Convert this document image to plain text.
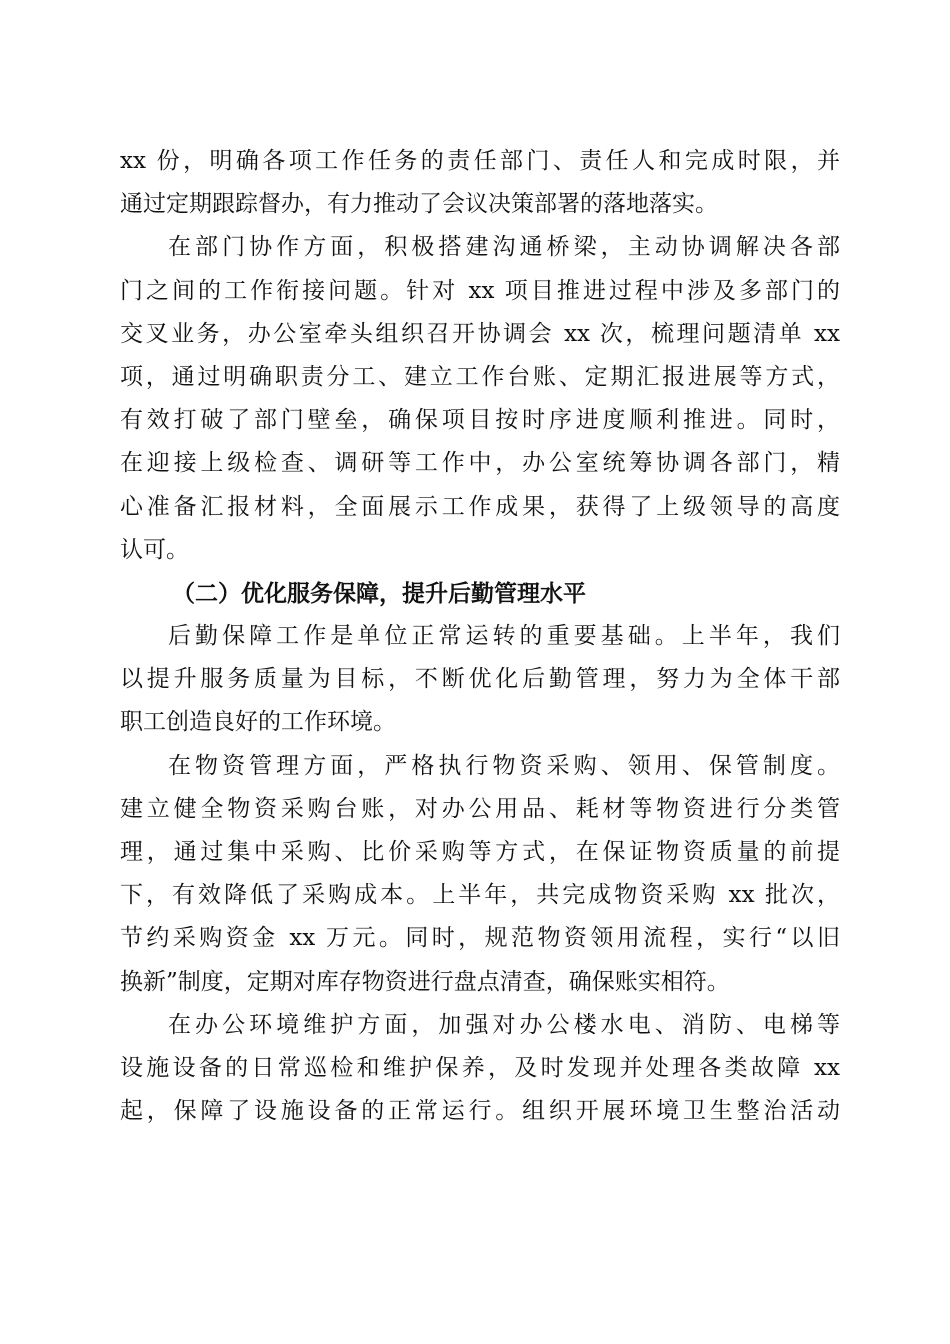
xx 份，明确各项工作任务的责任部门、责任人和完成时限，并
通过定期跟踪督办，有力推动了会议决策部署的落地落实。
在部门协作方面，积极搭建沟通桥梁，主动协调解决各部
门之间的工作衔接问题。针对 xx 项目推进过程中涉及多部门的
交叉业务，办公室牵头组织召开协调会 xx 次，梳理问题清单 xx
项，通过明确职责分工、建立工作台账、定期汇报进展等方式，
有效打破了部门壁垒，确保项目按时序进度顺利推进。同时，
在迎接上级检查、调研等工作中，办公室统筹协调各部门，精
心准备汇报材料，全面展示工作成果，获得了上级领导的高度
认可。
（二）优化服务保障，提升后勤管理水平
后勤保障工作是单位正常运转的重要基础。上半年，我们
以提升服务质量为目标，不断优化后勤管理，努力为全体干部
职工创造良好的工作环境。
在物资管理方面，严格执行物资采购、领用、保管制度。
建立健全物资采购台账，对办公用品、耗材等物资进行分类管
理，通过集中采购、比价采购等方式，在保证物资质量的前提
下，有效降低了采购成本。上半年，共完成物资采购 xx 批次，
节约采购资金 xx 万元。同时，规范物资领用流程，实行“以旧
换新”制度，定期对库存物资进行盘点清查，确保账实相符。
在办公环境维护方面，加强对办公楼水电、消防、电梯等
设施设备的日常巡检和维护保养，及时发现并处理各类故障 xx
起，保障了设施设备的正常运行。组织开展环境卫生整治活动
